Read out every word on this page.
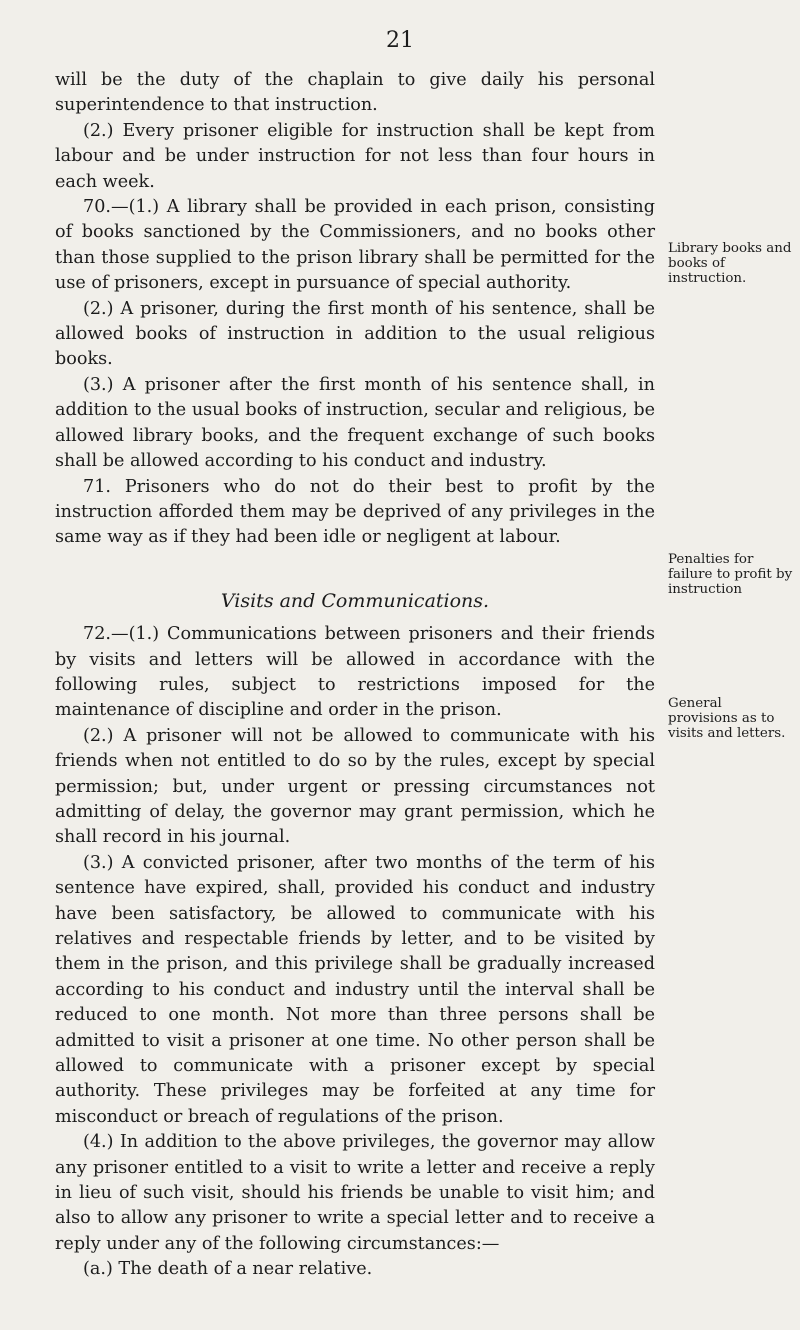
21

will be the duty of the chaplain to give daily his personal superintendence to that instruction.

(2.) Every prisoner eligible for instruction shall be kept from labour and be under instruction for not less than four hours in each week.

70.—(1.) A library shall be provided in each prison, consisting of books sanctioned by the Commissioners, and no books other than those supplied to the prison library shall be permitted for the use of prisoners, except in pursuance of special authority.

(2.) A prisoner, during the first month of his sentence, shall be allowed books of instruction in addition to the usual religious books.

(3.) A prisoner after the first month of his sentence shall, in addition to the usual books of instruction, secular and religious, be allowed library books, and the frequent exchange of such books shall be allowed according to his conduct and industry.

71. Prisoners who do not do their best to profit by the instruction afforded them may be deprived of any privileges in the same way as if they had been idle or negligent at labour.

Visits and Communications.

72.—(1.) Communications between prisoners and their friends by visits and letters will be allowed in accordance with the following rules, subject to restrictions imposed for the maintenance of discipline and order in the prison.

(2.) A prisoner will not be allowed to communicate with his friends when not entitled to do so by the rules, except by special permission; but, under urgent or pressing circumstances not admitting of delay, the governor may grant permission, which he shall record in his journal.

(3.) A convicted prisoner, after two months of the term of his sentence have expired, shall, provided his conduct and industry have been satisfactory, be allowed to communicate with his relatives and respectable friends by letter, and to be visited by them in the prison, and this privilege shall be gradually increased according to his conduct and industry until the interval shall be reduced to one month. Not more than three persons shall be admitted to visit a prisoner at one time. No other person shall be allowed to communicate with a prisoner except by special authority. These privileges may be forfeited at any time for misconduct or breach of regulations of the prison.

(4.) In addition to the above privileges, the governor may allow any prisoner entitled to a visit to write a letter and receive a reply in lieu of such visit, should his friends be unable to visit him; and also to allow any prisoner to write a special letter and to receive a reply under any of the following circumstances:—

(a.) The death of a near relative.

Library books and books of instruction.
Penalties for failure to profit by instruction
General provisions as to visits and letters.
